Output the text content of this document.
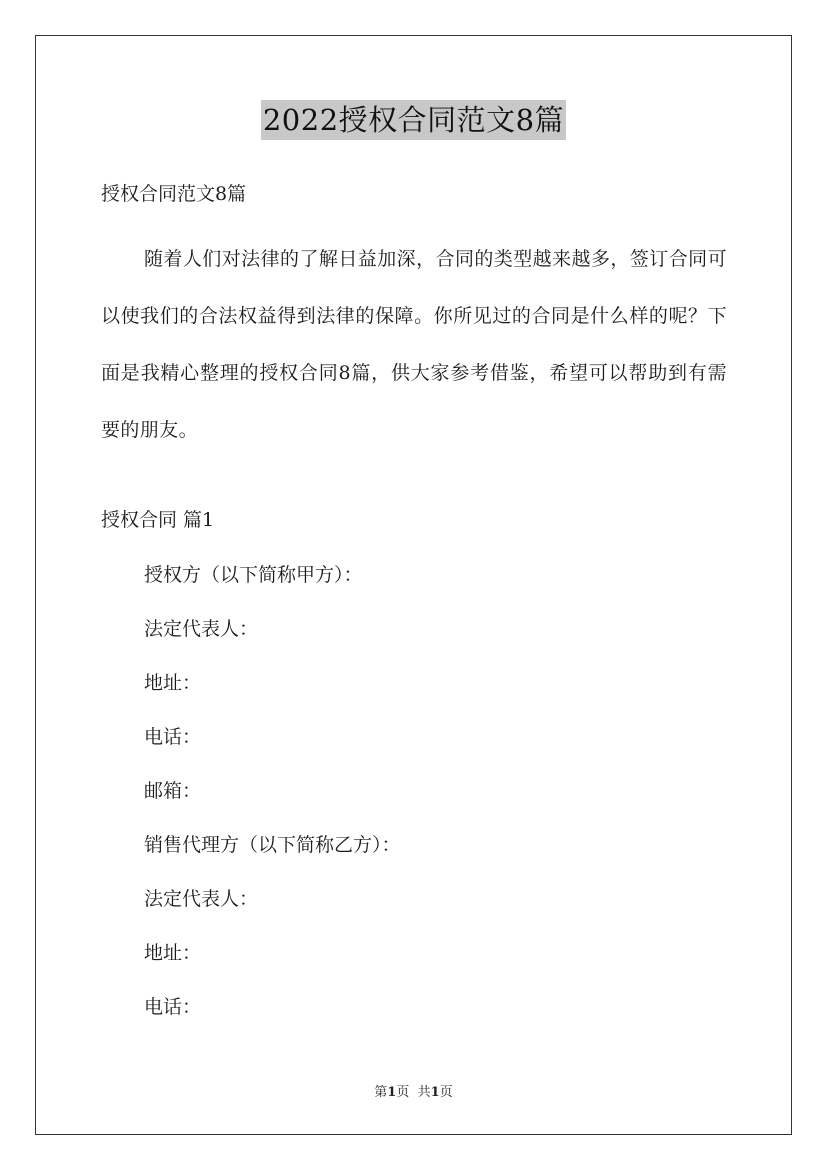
2022授权合同范文8篇
授权合同范文8篇
随着人们对法律的了解日益加深，合同的类型越来越多，签订合同可以使我们的合法权益得到法律的保障。你所见过的合同是什么样的呢？下面是我精心整理的授权合同8篇，供大家参考借鉴，希望可以帮助到有需要的朋友。
授权合同 篇1
授权方（以下简称甲方）：
法定代表人：
地址：
电话：
邮箱：
销售代理方（以下简称乙方）：
法定代表人：
地址：
电话：
第1页 共1页
